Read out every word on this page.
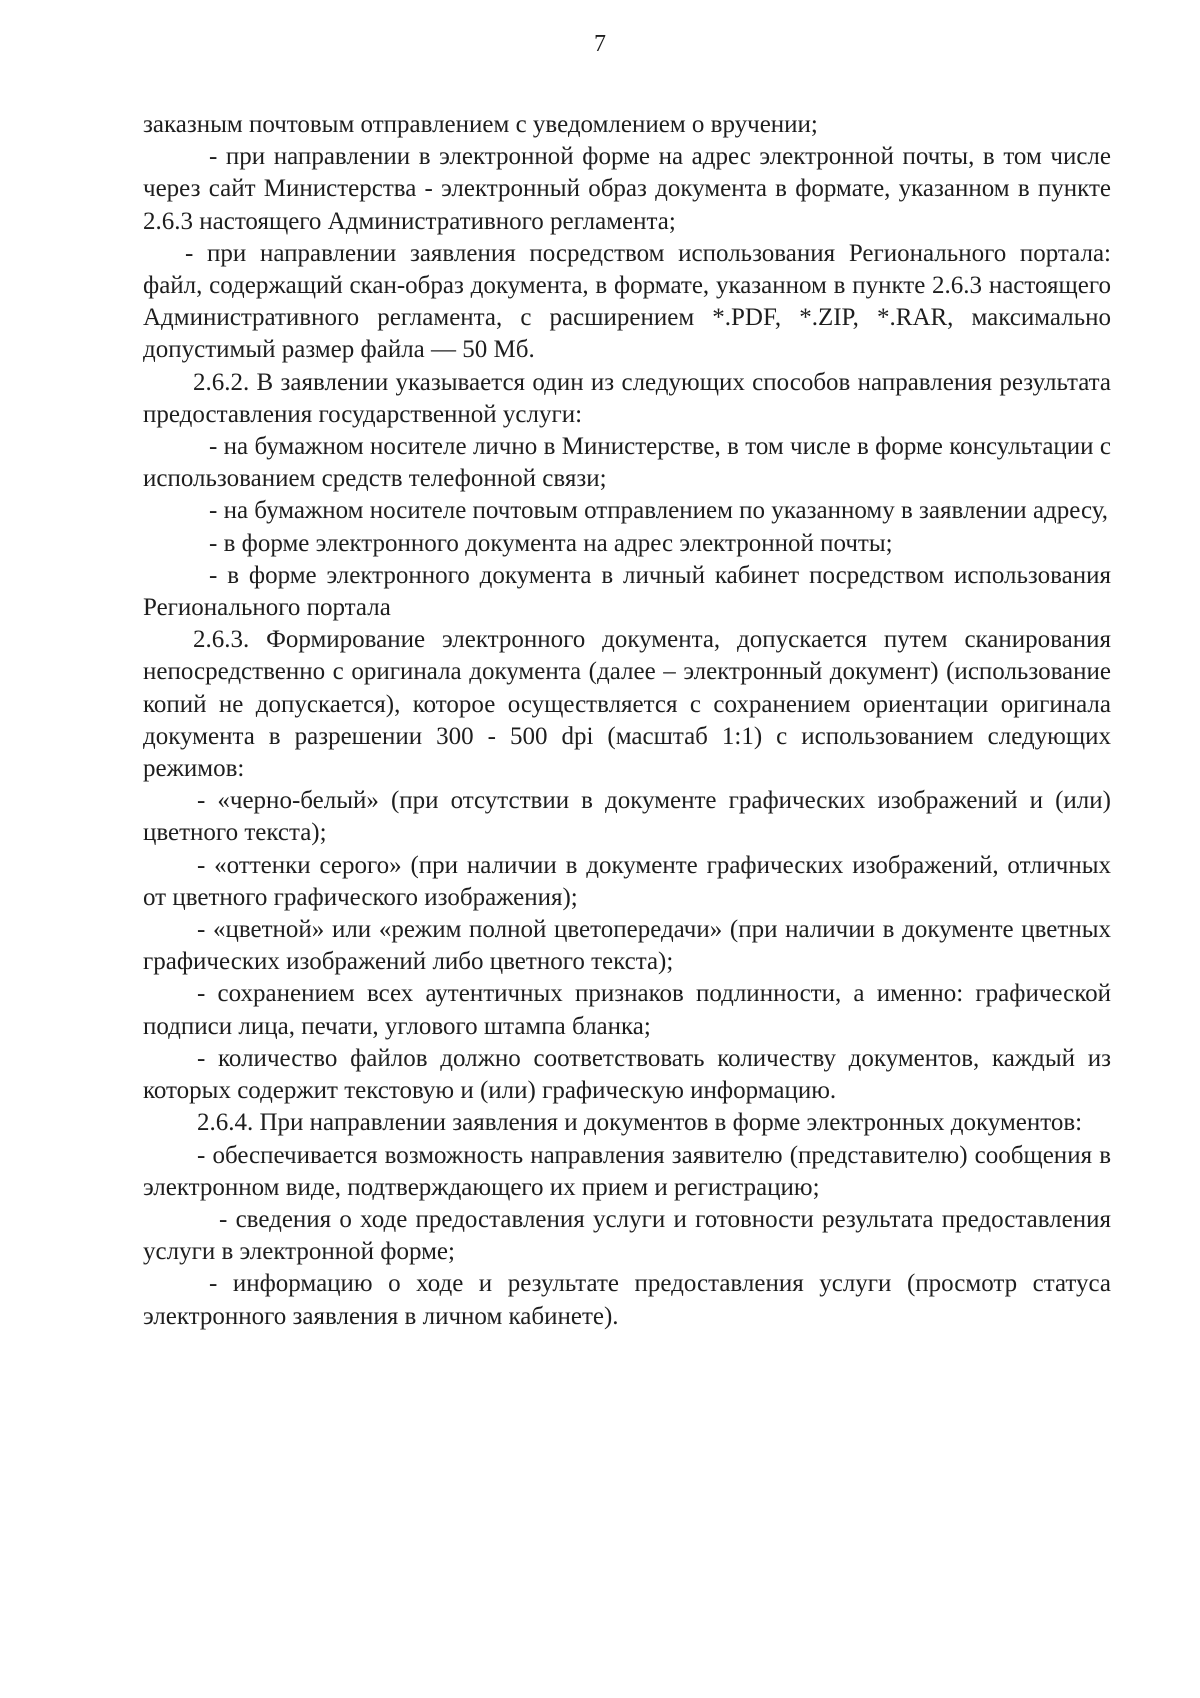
7

заказным почтовым отправлением с уведомлением о вручении;

- при направлении в электронной форме на адрес электронной почты, в том числе через сайт Министерства - электронный образ документа в формате, указанном в пункте 2.6.3 настоящего Административного регламента;

- при направлении заявления посредством использования Регионального портала: файл, содержащий скан-образ документа, в формате, указанном в пункте 2.6.3 настоящего Административного регламента, с расширением *.PDF, *.ZIP, *.RAR, максимально допустимый размер файла — 50 Мб.

2.6.2. В заявлении указывается один из следующих способов направления результата предоставления государственной услуги:

- на бумажном носителе лично в Министерстве, в том числе в форме консультации с использованием средств телефонной связи;

- на бумажном носителе почтовым отправлением по указанному в заявлении адресу,

- в форме электронного документа на адрес электронной почты;

- в форме электронного документа в личный кабинет посредством использования Регионального портала

2.6.3. Формирование электронного документа, допускается путем сканирования непосредственно с оригинала документа (далее – электронный документ) (использование копий не допускается), которое осуществляется с сохранением ориентации оригинала документа в разрешении 300 - 500 dpi (масштаб 1:1) с использованием следующих режимов:

- «черно-белый» (при отсутствии в документе графических изображений и (или) цветного текста);

- «оттенки серого» (при наличии в документе графических изображений, отличных от цветного графического изображения);

- «цветной» или «режим полной цветопередачи» (при наличии в документе цветных графических изображений либо цветного текста);

- сохранением всех аутентичных признаков подлинности, а именно: графической подписи лица, печати, углового штампа бланка;

- количество файлов должно соответствовать количеству документов, каждый из которых содержит текстовую и (или) графическую информацию.

2.6.4. При направлении заявления и документов в форме электронных документов:

- обеспечивается возможность направления заявителю (представителю) сообщения в электронном виде, подтверждающего их прием и регистрацию;

- сведения о ходе предоставления услуги и готовности результата предоставления услуги в электронной форме;

- информацию о ходе и результате предоставления услуги (просмотр статуса электронного заявления в личном кабинете).
